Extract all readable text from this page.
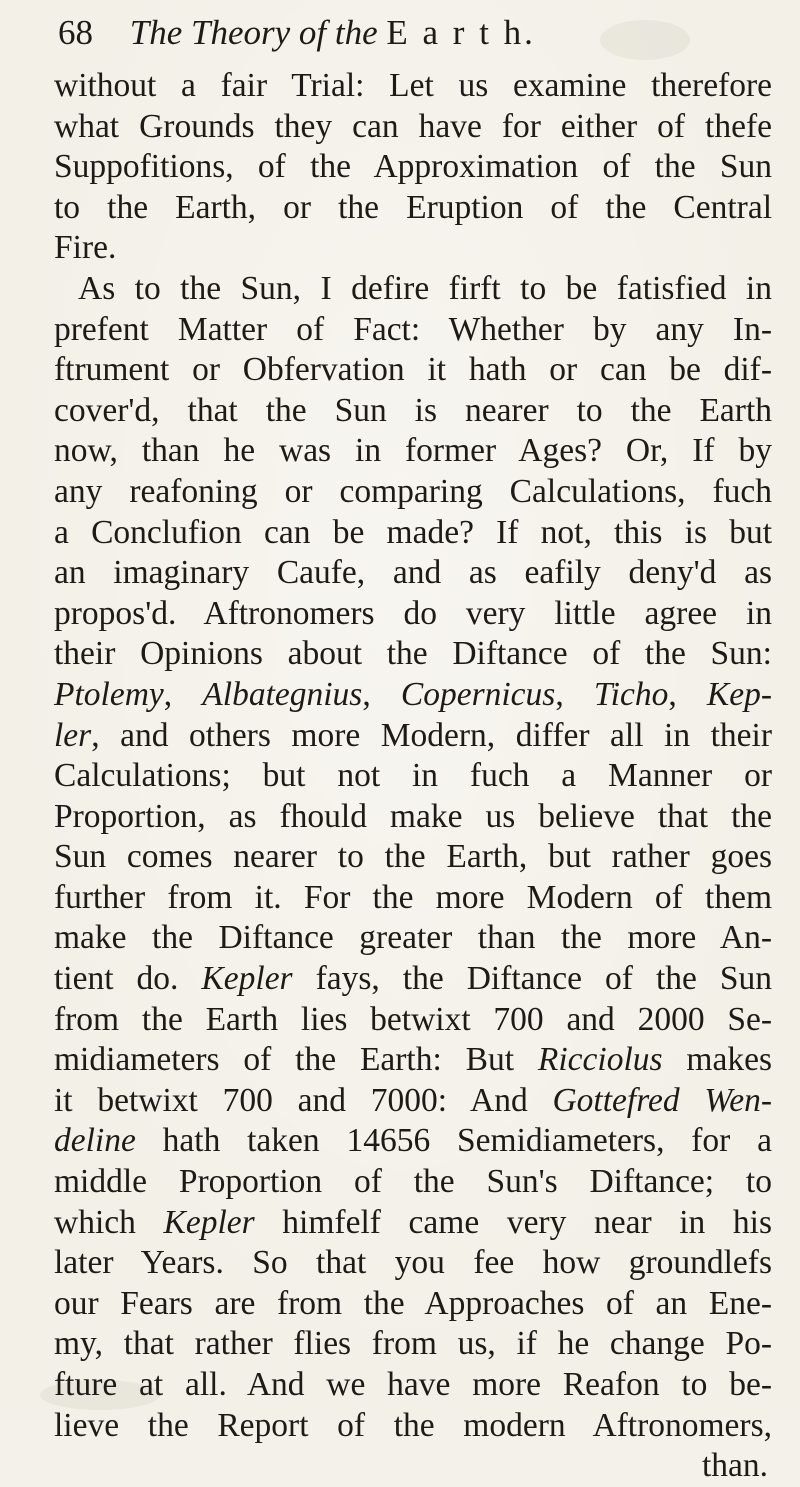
68 The Theory of the E a r t h.
without a fair Trial: Let us examine therefore
what Grounds they can have for either of thefe
Suppofitions, of the Approximation of the Sun
to the Earth, or the Eruption of the Central
Fire.
As to the Sun, I defire firft to be fatisfied in
prefent Matter of Fact: Whether by any In-
ftrument or Obfervation it hath or can be dif-
cover'd, that the Sun is nearer to the Earth
now, than he was in former Ages? Or, If by
any reafoning or comparing Calculations, fuch
a Conclufion can be made? If not, this is but
an imaginary Caufe, and as eafily deny'd as
propos'd. Aftronomers do very little agree in
their Opinions about the Diftance of the Sun:
Ptolemy, Albategnius, Copernicus, Ticho, Kep-
ler, and others more Modern, differ all in their
Calculations; but not in fuch a Manner or
Proportion, as fhould make us believe that the
Sun comes nearer to the Earth, but rather goes
further from it. For the more Modern of them
make the Diftance greater than the more An-
tient do. Kepler fays, the Diftance of the Sun
from the Earth lies betwixt 700 and 2000 Se-
midiameters of the Earth: But Ricciolus makes
it betwixt 700 and 7000: And Gottefred Wen-
deline hath taken 14656 Semidiameters, for a
middle Proportion of the Sun's Diftance; to
which Kepler himfelf came very near in his
later Years. So that you fee how groundlefs
our Fears are from the Approaches of an Ene-
my, that rather flies from us, if he change Po-
fture at all. And we have more Reafon to be-
lieve the Report of the modern Aftronomers,
than.
